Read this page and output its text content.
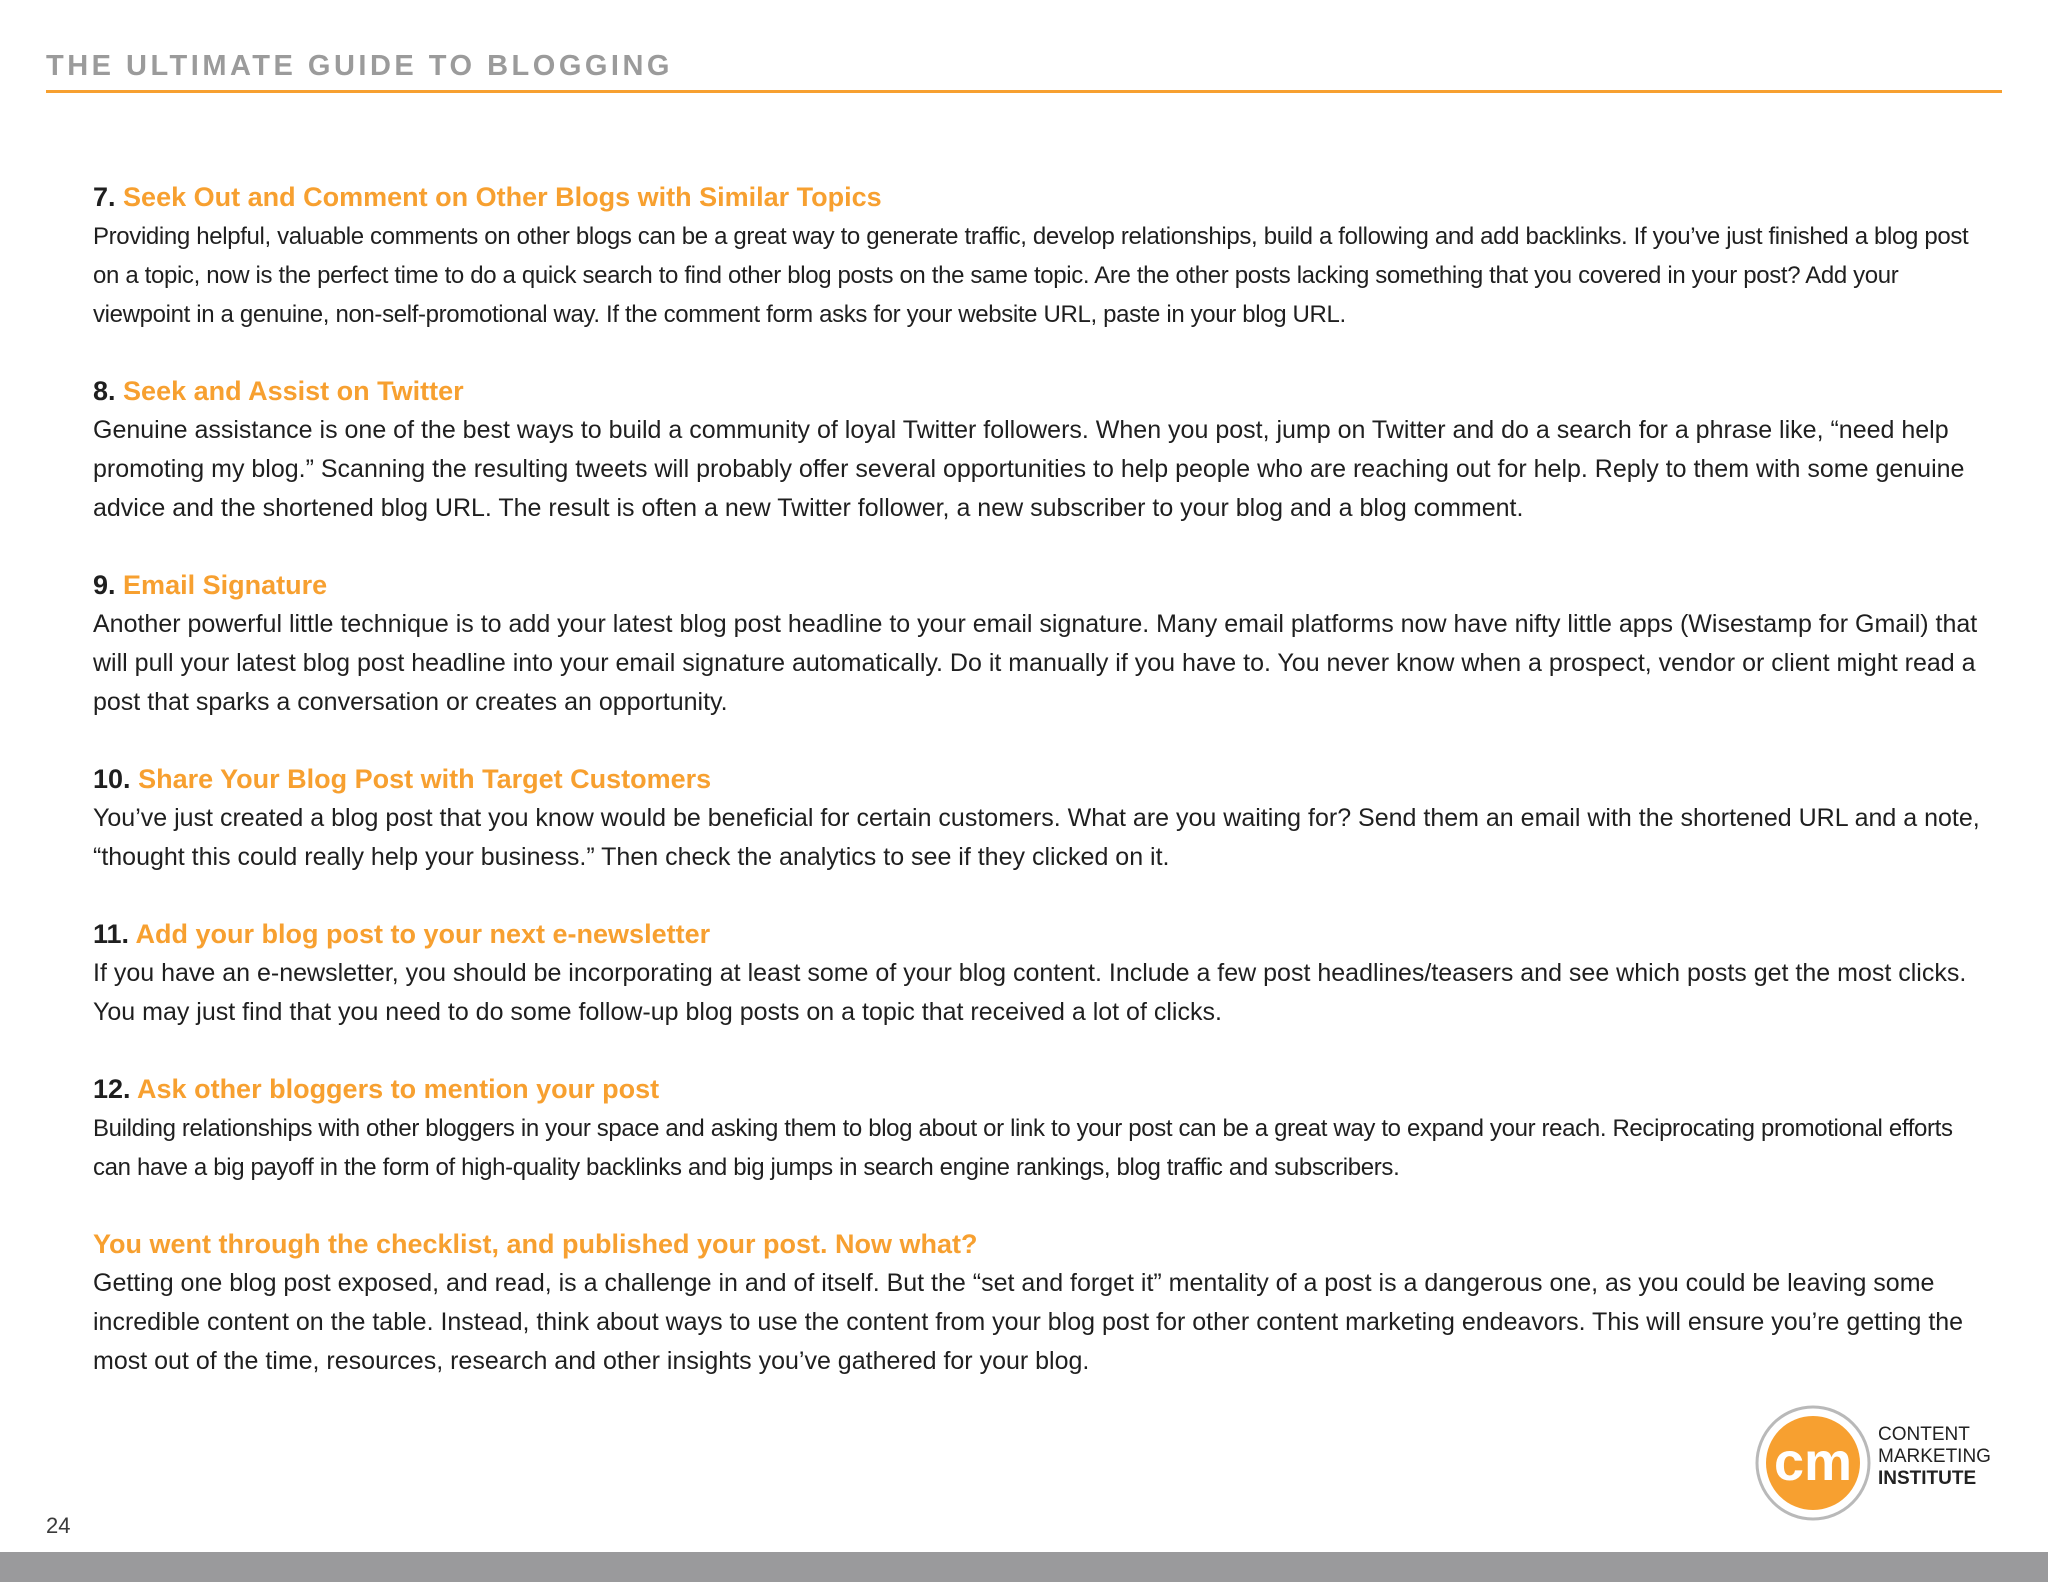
THE ULTIMATE GUIDE TO BLOGGING
7. Seek Out and Comment on Other Blogs with Similar Topics
Providing helpful, valuable comments on other blogs can be a great way to generate traffic, develop relationships, build a following and add backlinks. If you’ve just finished a blog post on a topic, now is the perfect time to do a quick search to find other blog posts on the same topic. Are the other posts lacking something that you covered in your post? Add your viewpoint in a genuine, non-self-promotional way. If the comment form asks for your website URL, paste in your blog URL.
8. Seek and Assist on Twitter
Genuine assistance is one of the best ways to build a community of loyal Twitter followers. When you post, jump on Twitter and do a search for a phrase like, “need help promoting my blog.” Scanning the resulting tweets will probably offer several opportunities to help people who are reaching out for help. Reply to them with some genuine advice and the shortened blog URL. The result is often a new Twitter follower, a new subscriber to your blog and a blog comment.
9. Email Signature
Another powerful little technique is to add your latest blog post headline to your email signature. Many email platforms now have nifty little apps (Wisestamp for Gmail) that will pull your latest blog post headline into your email signature automatically. Do it manually if you have to. You never know when a prospect, vendor or client might read a post that sparks a conversation or creates an opportunity.
10. Share Your Blog Post with Target Customers
You’ve just created a blog post that you know would be beneficial for certain customers. What are you waiting for? Send them an email with the shortened URL and a note, “thought this could really help your business.” Then check the analytics to see if they clicked on it.
11. Add your blog post to your next e-newsletter
If you have an e-newsletter, you should be incorporating at least some of your blog content. Include a few post headlines/teasers and see which posts get the most clicks. You may just find that you need to do some follow-up blog posts on a topic that received a lot of clicks.
12. Ask other bloggers to mention your post
Building relationships with other bloggers in your space and asking them to blog about or link to your post can be a great way to expand your reach. Reciprocating promotional efforts can have a big payoff in the form of high-quality backlinks and big jumps in search engine rankings, blog traffic and subscribers.
You went through the checklist, and published your post. Now what?
Getting one blog post exposed, and read, is a challenge in and of itself. But the “set and forget it” mentality of a post is a dangerous one, as you could be leaving some incredible content on the table. Instead, think about ways to use the content from your blog post for other content marketing endeavors. This will ensure you’re getting the most out of the time, resources, research and other insights you’ve gathered for your blog.
24
cm CONTENT
MARKETING
INSTITUTE
